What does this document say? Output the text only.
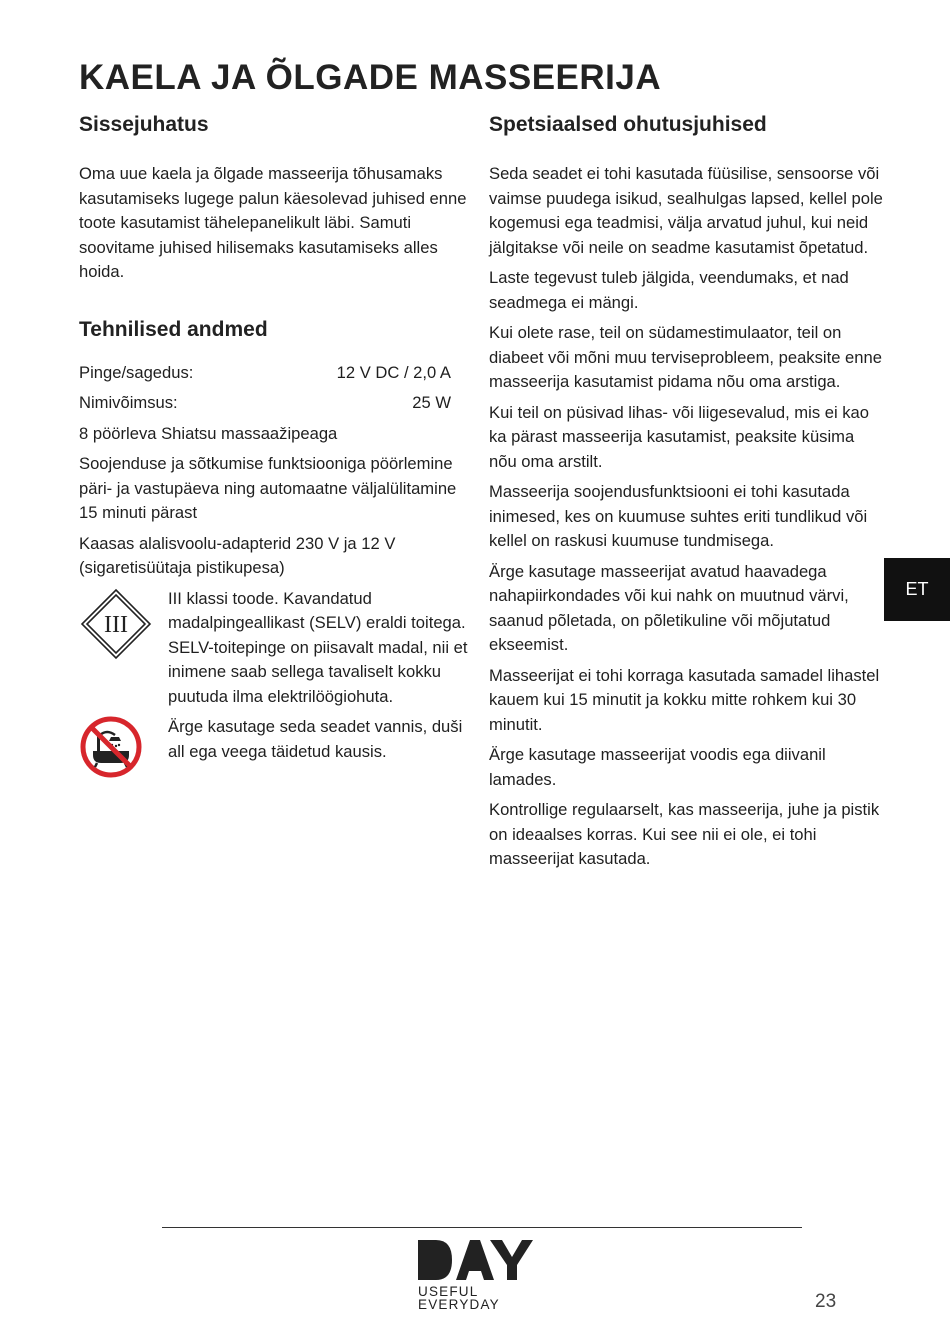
KAELA JA ÕLGADE MASSEERIJA
Sissejuhatus

Oma uue kaela ja õlgade masseerija tõhusamaks kasutamiseks lugege palun käesolevad juhised enne toote kasutamist tähelepanelikult läbi. Samuti soovitame juhised hilisemaks kasutamiseks alles hoida.

Tehnilised andmed
Pinge/sagedus:	12 V DC / 2,0 A
Nimivõimsus:	25 W

8 pöörleva Shiatsu massaažipeaga

Soojenduse ja sõtkumise funktsiooniga pöörlemine päri- ja vastupäeva ning automaatne väljalülitamine 15 minuti pärast

Kaasas alalisvoolu-adapterid 230 V ja 12 V (sigaretisüütaja pistikupesa)

III

III klassi toode. Kavandatud madalpingeallikast (SELV) eraldi toitega. SELV-toitepinge on piisavalt madal, nii et inimene saab sellega tavaliselt kokku puutuda ilma elektrilöögiohuta.

Ärge kasutage seda seadet vannis, duši all ega veega täidetud kausis.

Spetsiaalsed ohutusjuhised

Seda seadet ei tohi kasutada füüsilise, sensoorse või vaimse puudega isikud, sealhulgas lapsed, kellel pole kogemusi ega teadmisi, välja arvatud juhul, kui neid jälgitakse või neile on seadme kasutamist õpetatud.

Laste tegevust tuleb jälgida, veendumaks, et nad seadmega ei mängi.

Kui olete rase, teil on südamestimulaator, teil on diabeet või mõni muu terviseprobleem, peaksite enne masseerija kasutamist pidama nõu oma arstiga.

Kui teil on püsivad lihas- või liigesevalud, mis ei kao ka pärast masseerija kasutamist, peaksite küsima nõu oma arstilt.

Masseerija soojendusfunktsiooni ei tohi kasutada inimesed, kes on kuumuse suhtes eriti tundlikud või kellel on raskusi kuumuse tundmisega.

Ärge kasutage masseerijat avatud haavadega nahapiirkondades või kui nahk on muutnud värvi, saanud põletada, on põletikuline või mõjutatud ekseemist.

Masseerijat ei tohi korraga kasutada samadel lihastel kauem kui 15 minutit ja kokku mitte rohkem kui 30 minutit.

Ärge kasutage masseerijat voodis ega diivanil lamades.

Kontrollige regulaarselt, kas masseerija, juhe ja pistik on ideaalses korras. Kui see nii ei ole, ei tohi masseerijat kasutada.

ET
USEFUL
EVERYDAY	23
